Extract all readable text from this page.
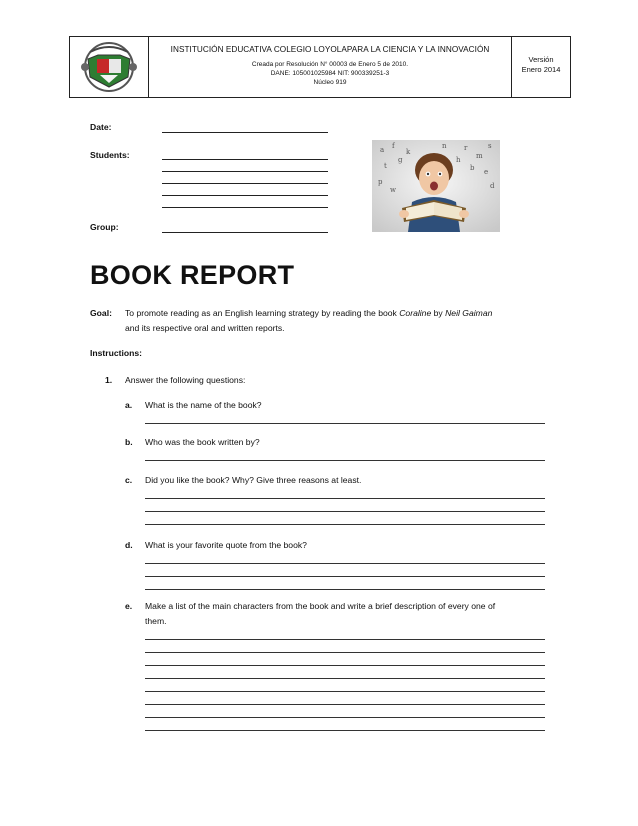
INSTITUCIÓN EDUCATIVA COLEGIO LOYOLAPARA LA CIENCIA Y LA INNOVACIÓN
Creada por Resolución N° 00003 de Enero 5 de 2010.
DANE: 105001025984 NIT: 900339251-3
Núcleo 919
Versión
Enero 2014
Date:
Students:
Group:
a f
k	r
m
s
t	b e
p
g	h
d
w
n
BOOK REPORT
Goal: To promote reading as an English learning strategy by reading the book Coraline by Neil Gaiman
and its respective oral and written reports.
Instructions:
1. Answer the following questions:
a. What is the name of the book?
b. Who was the book written by?
c. Did you like the book? Why? Give three reasons at least.
d. What is your favorite quote from the book?
e. Make a list of the main characters from the book and write a brief description of every one of
them.
